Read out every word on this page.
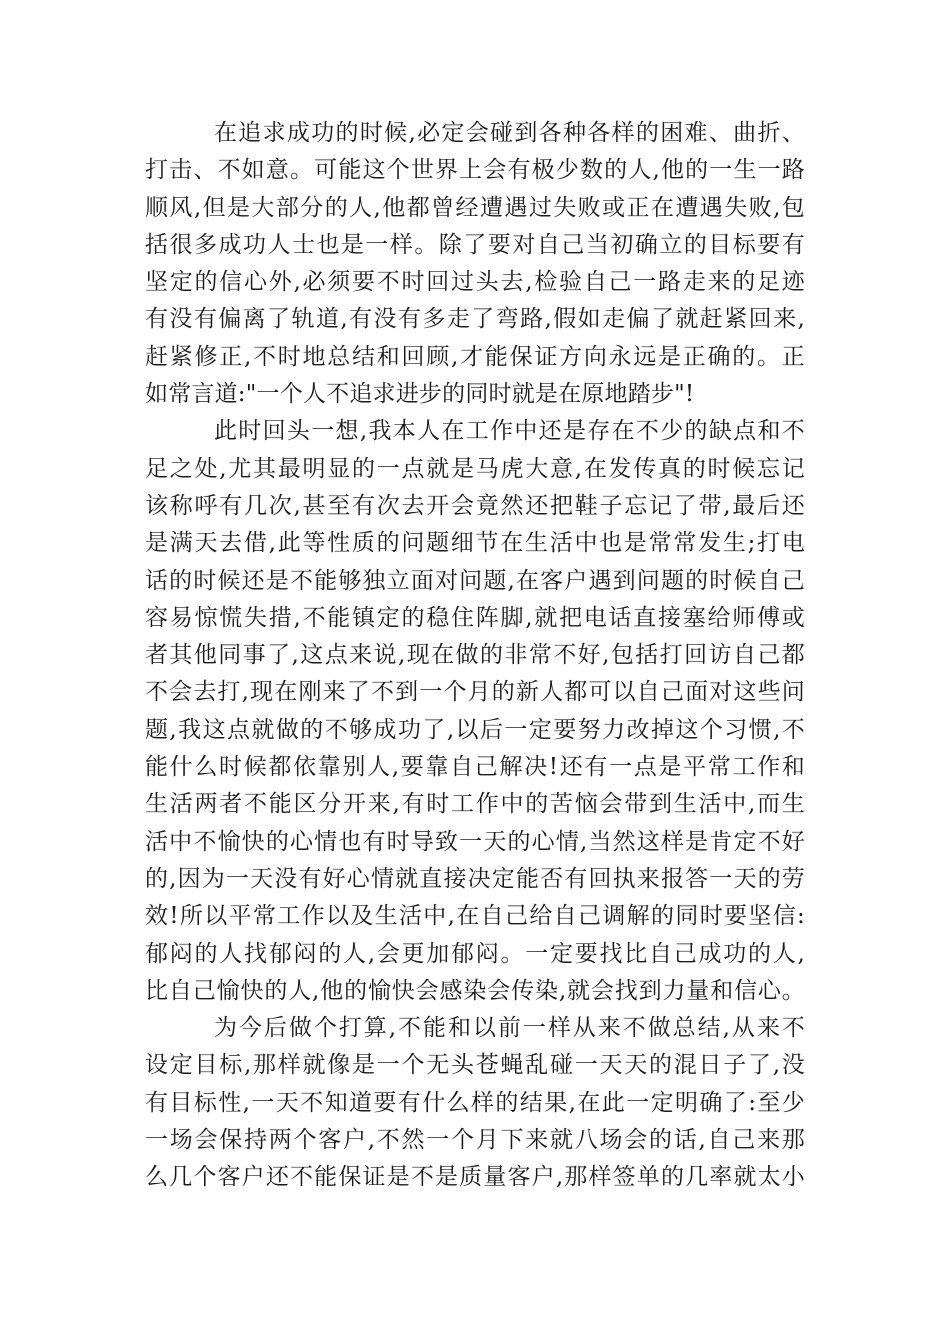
在追求成功的时候,必定会碰到各种各样的困难、曲折、
打击、不如意。可能这个世界上会有极少数的人,他的一生一路
顺风,但是大部分的人,他都曾经遭遇过失败或正在遭遇失败,包
括很多成功人士也是一样。除了要对自己当初确立的目标要有
坚定的信心外,必须要不时回过头去,检验自己一路走来的足迹
有没有偏离了轨道,有没有多走了弯路,假如走偏了就赶紧回来,
赶紧修正,不时地总结和回顾,才能保证方向永远是正确的。正
如常言道:"一个人不追求进步的同时就是在原地踏步"!
此时回头一想,我本人在工作中还是存在不少的缺点和不
足之处,尤其最明显的一点就是马虎大意,在发传真的时候忘记
该称呼有几次,甚至有次去开会竟然还把鞋子忘记了带,最后还
是满天去借,此等性质的问题细节在生活中也是常常发生;打电
话的时候还是不能够独立面对问题,在客户遇到问题的时候自己
容易惊慌失措,不能镇定的稳住阵脚,就把电话直接塞给师傅或
者其他同事了,这点来说,现在做的非常不好,包括打回访自己都
不会去打,现在刚来了不到一个月的新人都可以自己面对这些问
题,我这点就做的不够成功了,以后一定要努力改掉这个习惯,不
能什么时候都依靠别人,要靠自己解决!还有一点是平常工作和
生活两者不能区分开来,有时工作中的苦恼会带到生活中,而生
活中不愉快的心情也有时导致一天的心情,当然这样是肯定不好
的,因为一天没有好心情就直接决定能否有回执来报答一天的劳
效!所以平常工作以及生活中,在自己给自己调解的同时要坚信:
郁闷的人找郁闷的人,会更加郁闷。一定要找比自己成功的人,
比自己愉快的人,他的愉快会感染会传染,就会找到力量和信心。
为今后做个打算,不能和以前一样从来不做总结,从来不
设定目标,那样就像是一个无头苍蝇乱碰一天天的混日子了,没
有目标性,一天不知道要有什么样的结果,在此一定明确了:至少
一场会保持两个客户,不然一个月下来就八场会的话,自己来那
么几个客户还不能保证是不是质量客户,那样签单的几率就太小
